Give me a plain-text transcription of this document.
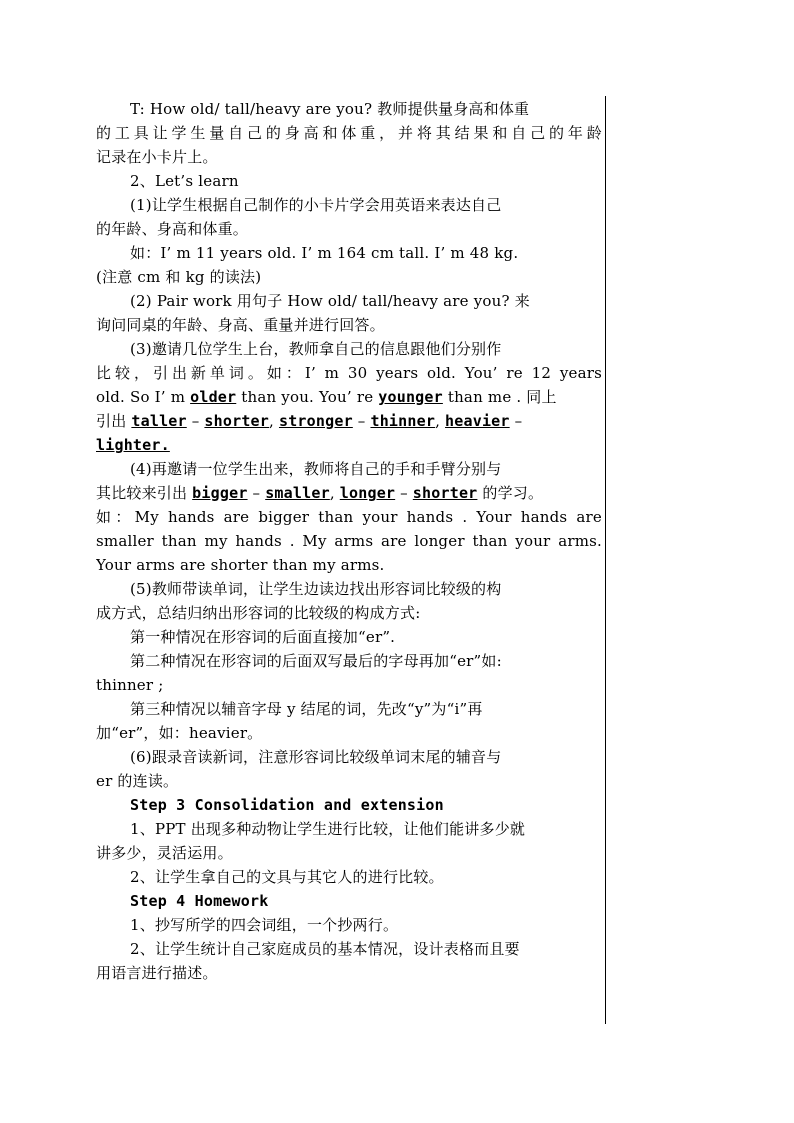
T: How old/ tall/heavy are you? 教师提供量身高和体重
的工具让学生量自己的身高和体重，并将其结果和自己的年龄
记录在小卡片上。
2、Let’s learn
(1)让学生根据自己制作的小卡片学会用英语来表达自己
的年龄、身高和体重。
如：I’ m 11 years old. I’ m 164 cm tall. I’ m 48 kg.
(注意 cm 和 kg 的读法)
(2) Pair work 用句子 How old/ tall/heavy are you? 来
询问同桌的年龄、身高、重量并进行回答。
(3)邀请几位学生上台，教师拿自己的信息跟他们分别作
比较，引出新单词。如：I’ m 30 years old. You’ re 12 years
old. So I’ m older than you. You’ re younger than me . 同上
引出 taller – shorter, stronger – thinner, heavier –
lighter.
(4)再邀请一位学生出来，教师将自己的手和手臂分别与
其比较来引出 bigger – smaller, longer – shorter 的学习。
如：My hands are bigger than your hands . Your hands are
smaller than my hands . My arms are longer than your arms.
Your arms are shorter than my arms.
(5)教师带读单词，让学生边读边找出形容词比较级的构
成方式，总结归纳出形容词的比较级的构成方式:
第一种情况在形容词的后面直接加“er”.
第二种情况在形容词的后面双写最后的字母再加“er”如:
thinner ;
第三种情况以辅音字母 y 结尾的词，先改“y”为“i”再
加“er”，如：heavier。
(6)跟录音读新词，注意形容词比较级单词末尾的辅音与
er 的连读。
Step 3 Consolidation and extension
1、PPT 出现多种动物让学生进行比较，让他们能讲多少就
讲多少，灵活运用。
2、让学生拿自己的文具与其它人的进行比较。
Step 4 Homework
1、抄写所学的四会词组，一个抄两行。
2、让学生统计自己家庭成员的基本情况，设计表格而且要
用语言进行描述。
